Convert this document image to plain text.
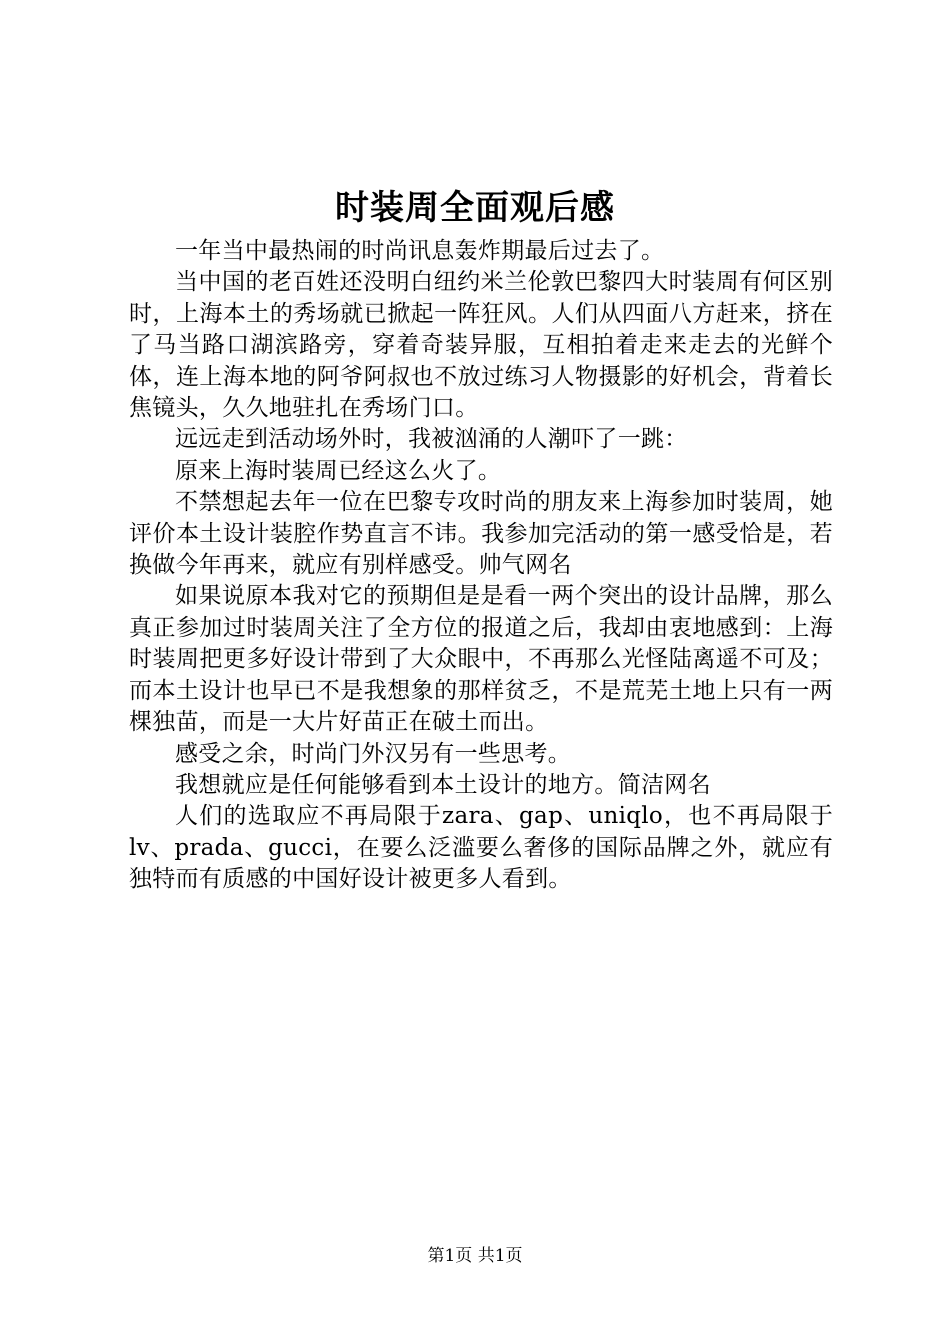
时装周全面观后感

一年当中最热闹的时尚讯息轰炸期最后过去了。

当中国的老百姓还没明白纽约米兰伦敦巴黎四大时装周有何区别时，上海本土的秀场就已掀起一阵狂风。人们从四面八方赶来，挤在了马当路口湖滨路旁，穿着奇装异服，互相拍着走来走去的光鲜个体，连上海本地的阿爷阿叔也不放过练习人物摄影的好机会，背着长焦镜头，久久地驻扎在秀场门口。

远远走到活动场外时，我被汹涌的人潮吓了一跳：

原来上海时装周已经这么火了。

不禁想起去年一位在巴黎专攻时尚的朋友来上海参加时装周，她评价本土设计装腔作势直言不讳。我参加完活动的第一感受恰是，若换做今年再来，就应有别样感受。帅气网名

如果说原本我对它的预期但是是看一两个突出的设计品牌，那么真正参加过时装周关注了全方位的报道之后，我却由衷地感到：上海时装周把更多好设计带到了大众眼中，不再那么光怪陆离遥不可及；而本土设计也早已不是我想象的那样贫乏，不是荒芜土地上只有一两棵独苗，而是一大片好苗正在破土而出。

感受之余，时尚门外汉另有一些思考。

我想就应是任何能够看到本土设计的地方。简洁网名

人们的选取应不再局限于zara、gap、uniqlo，也不再局限于lv、prada、gucci，在要么泛滥要么奢侈的国际品牌之外，就应有独特而有质感的中国好设计被更多人看到。

第1页 共1页
